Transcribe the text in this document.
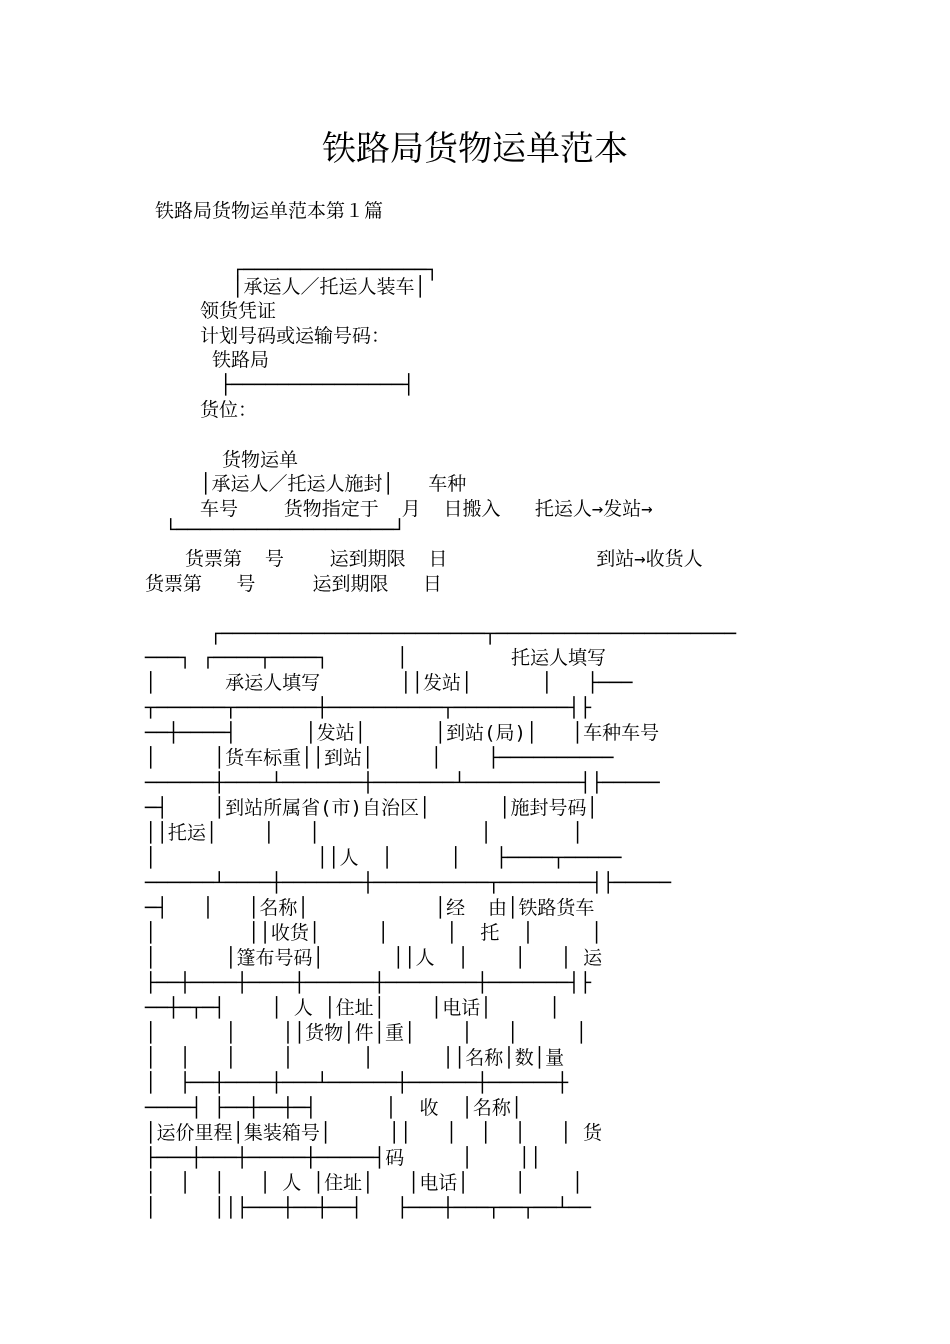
铁路局货物运单范本
铁路局货物运单范本第１篇
┌────────────────┐
│承运人／托运人装车│
领货凭证
计划号码或运输号码：
铁路局
├───────────────┤
货位：
货物运单
│承运人／托运人施封│   车种
车号    货物指定于  月  日搬入   托运人→发站→
└───────────────────┘
货票第  号    运到期限  日             到站→收货人
货票第   号     运到期限   日
┌───────────────────────┬─────────────────────
───┐ ┌────┬────┐      │         托运人填写
│      承运人填写       ││发站│      │   ├───
┬──────┬───────┼──────────┬──────────┤├
──┼────┤      │发站│      │到站(局)│   │车种车号
│     │货车标重││到站│     │    ├──────────
──────┼────┴───────┼───────┴──────────┤├─────
─┤    │到站所属省(市)自治区│      │施封号码│
││托运│    │   │              │       │
│              ││人  │     │   ├────┬─────
──────┴────┼───────┼──────────┬────────┤├─────
─┤   │   │名称│           │经  由│铁路货车
│        ││收货│     │     │  托  │     │
│      │篷布号码│      ││人  │    │   │ 运
├──┼────┼────┼──────┼────────┼───────┤├
──┼─┬─┤    │ 人 │住址│    │电话│     │
│      │    ││货物│件│重│    │   │     │
│  │   │    │      │      ││名称│数│量
│  ├──┼────┼───┴──────┼──────┼──────┼
────┤ ├──┼──┼─┤      │  收  │名称│
│运价里程│集装箱号│     ││   │  │  │   │ 货
├───┼───┼─────┼─────┤码     │    ││
│  │  │   │ 人 │住址│   │电话│    │    │
│     ││├───┼──┼──┤   ├───┼───┬──┬──┴──
